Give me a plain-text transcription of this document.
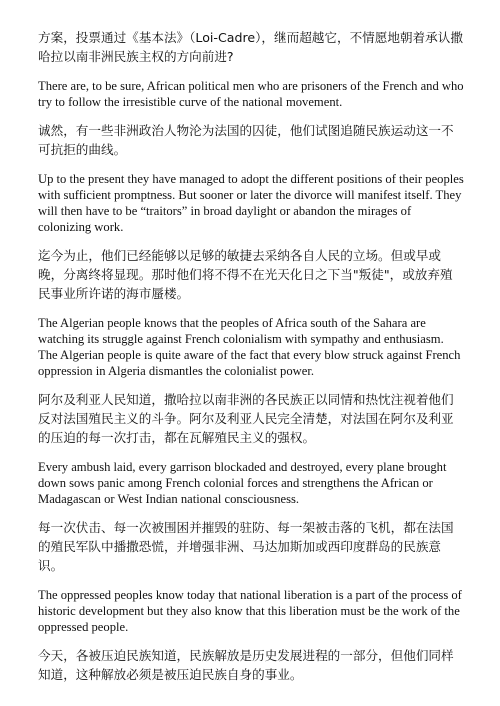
方案，投票通过《基本法》（Loi-Cadre），继而超越它，不情愿地朝着承认撒哈拉以南非洲民族主权的方向前进?

There are, to be sure, African political men who are prisoners of the French and who try to follow the irresistible curve of the national movement.

诚然，有一些非洲政治人物沦为法国的囚徒，他们试图追随民族运动这一不可抗拒的曲线。

Up to the present they have managed to adopt the different positions of their peoples with sufficient promptness. But sooner or later the divorce will manifest itself. They will then have to be “traitors” in broad daylight or abandon the mirages of colonizing work.

迄今为止，他们已经能够以足够的敏捷去采纳各自人民的立场。但或早或晚，分离终将显现。那时他们将不得不在光天化日之下当"叛徒"，或放弃殖民事业所许诺的海市蜃楼。

The Algerian people knows that the peoples of Africa south of the Sahara are watching its struggle against French colonialism with sympathy and enthusiasm. The Algerian people is quite aware of the fact that every blow struck against French oppression in Algeria dismantles the colonialist power.

阿尔及利亚人民知道，撒哈拉以南非洲的各民族正以同情和热忱注视着他们反对法国殖民主义的斗争。阿尔及利亚人民完全清楚，对法国在阿尔及利亚的压迫的每一次打击，都在瓦解殖民主义的强权。

Every ambush laid, every garrison blockaded and destroyed, every plane brought down sows panic among French colonial forces and strengthens the African or Madagascan or West Indian national consciousness.

每一次伏击、每一次被围困并摧毁的驻防、每一架被击落的飞机，都在法国的殖民军队中播撒恐慌，并增强非洲、马达加斯加或西印度群岛的民族意识。

The oppressed peoples know today that national liberation is a part of the process of historic development but they also know that this liberation must be the work of the oppressed people.

今天，各被压迫民族知道，民族解放是历史发展进程的一部分，但他们同样知道，这种解放必须是被压迫民族自身的事业。
